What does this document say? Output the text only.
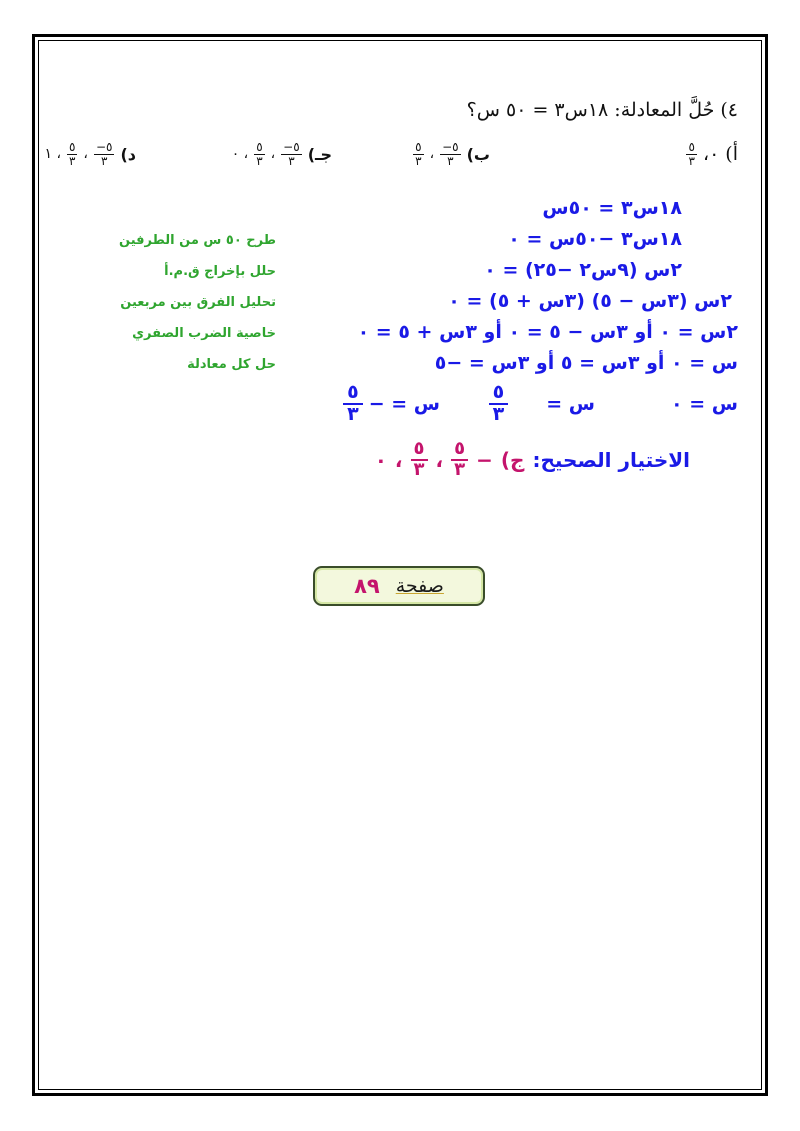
٤) حُلَّ المعادلة: ١٨س٣ = ٥٠ س؟
أ)
٠،
$\frac{٥}{٣}$
ب)
$\frac{٥-}{٣}$
،
$\frac{٥}{٣}$
جـ)
$\frac{٥-}{٣}$
،
$\frac{٥}{٣}$
، ٠
د)
$\frac{٥-}{٣}$
،
$\frac{٥}{٣}$
، ١
١٨س٣ = ٥٠س
١٨س٣ −٥٠س = ٠
طرح ٥٠ س من الطرفين
٢س (٩س٢ −٢٥) = ٠
حلل بإخراج ق.م.أ
٢س (٣س − ٥) (٣س + ٥) = ٠
تحليل الفرق بين مربعين
٢س = ٠ أو ٣س − ٥ = ٠ أو ٣س + ٥ = ٠
خاصية الضرب الصفري
س = ٠ أو ٣س = ٥ أو ٣س = −٥
حل كل معادلة
س = ٠
س =
$\frac{٥}{٣}$
س = −
$\frac{٥}{٣}$
الاختيار الصحيح:
ج)
−
$\frac{٥}{٣}$
،
$\frac{٥}{٣}$
،
٠
صفحة
٨٩
